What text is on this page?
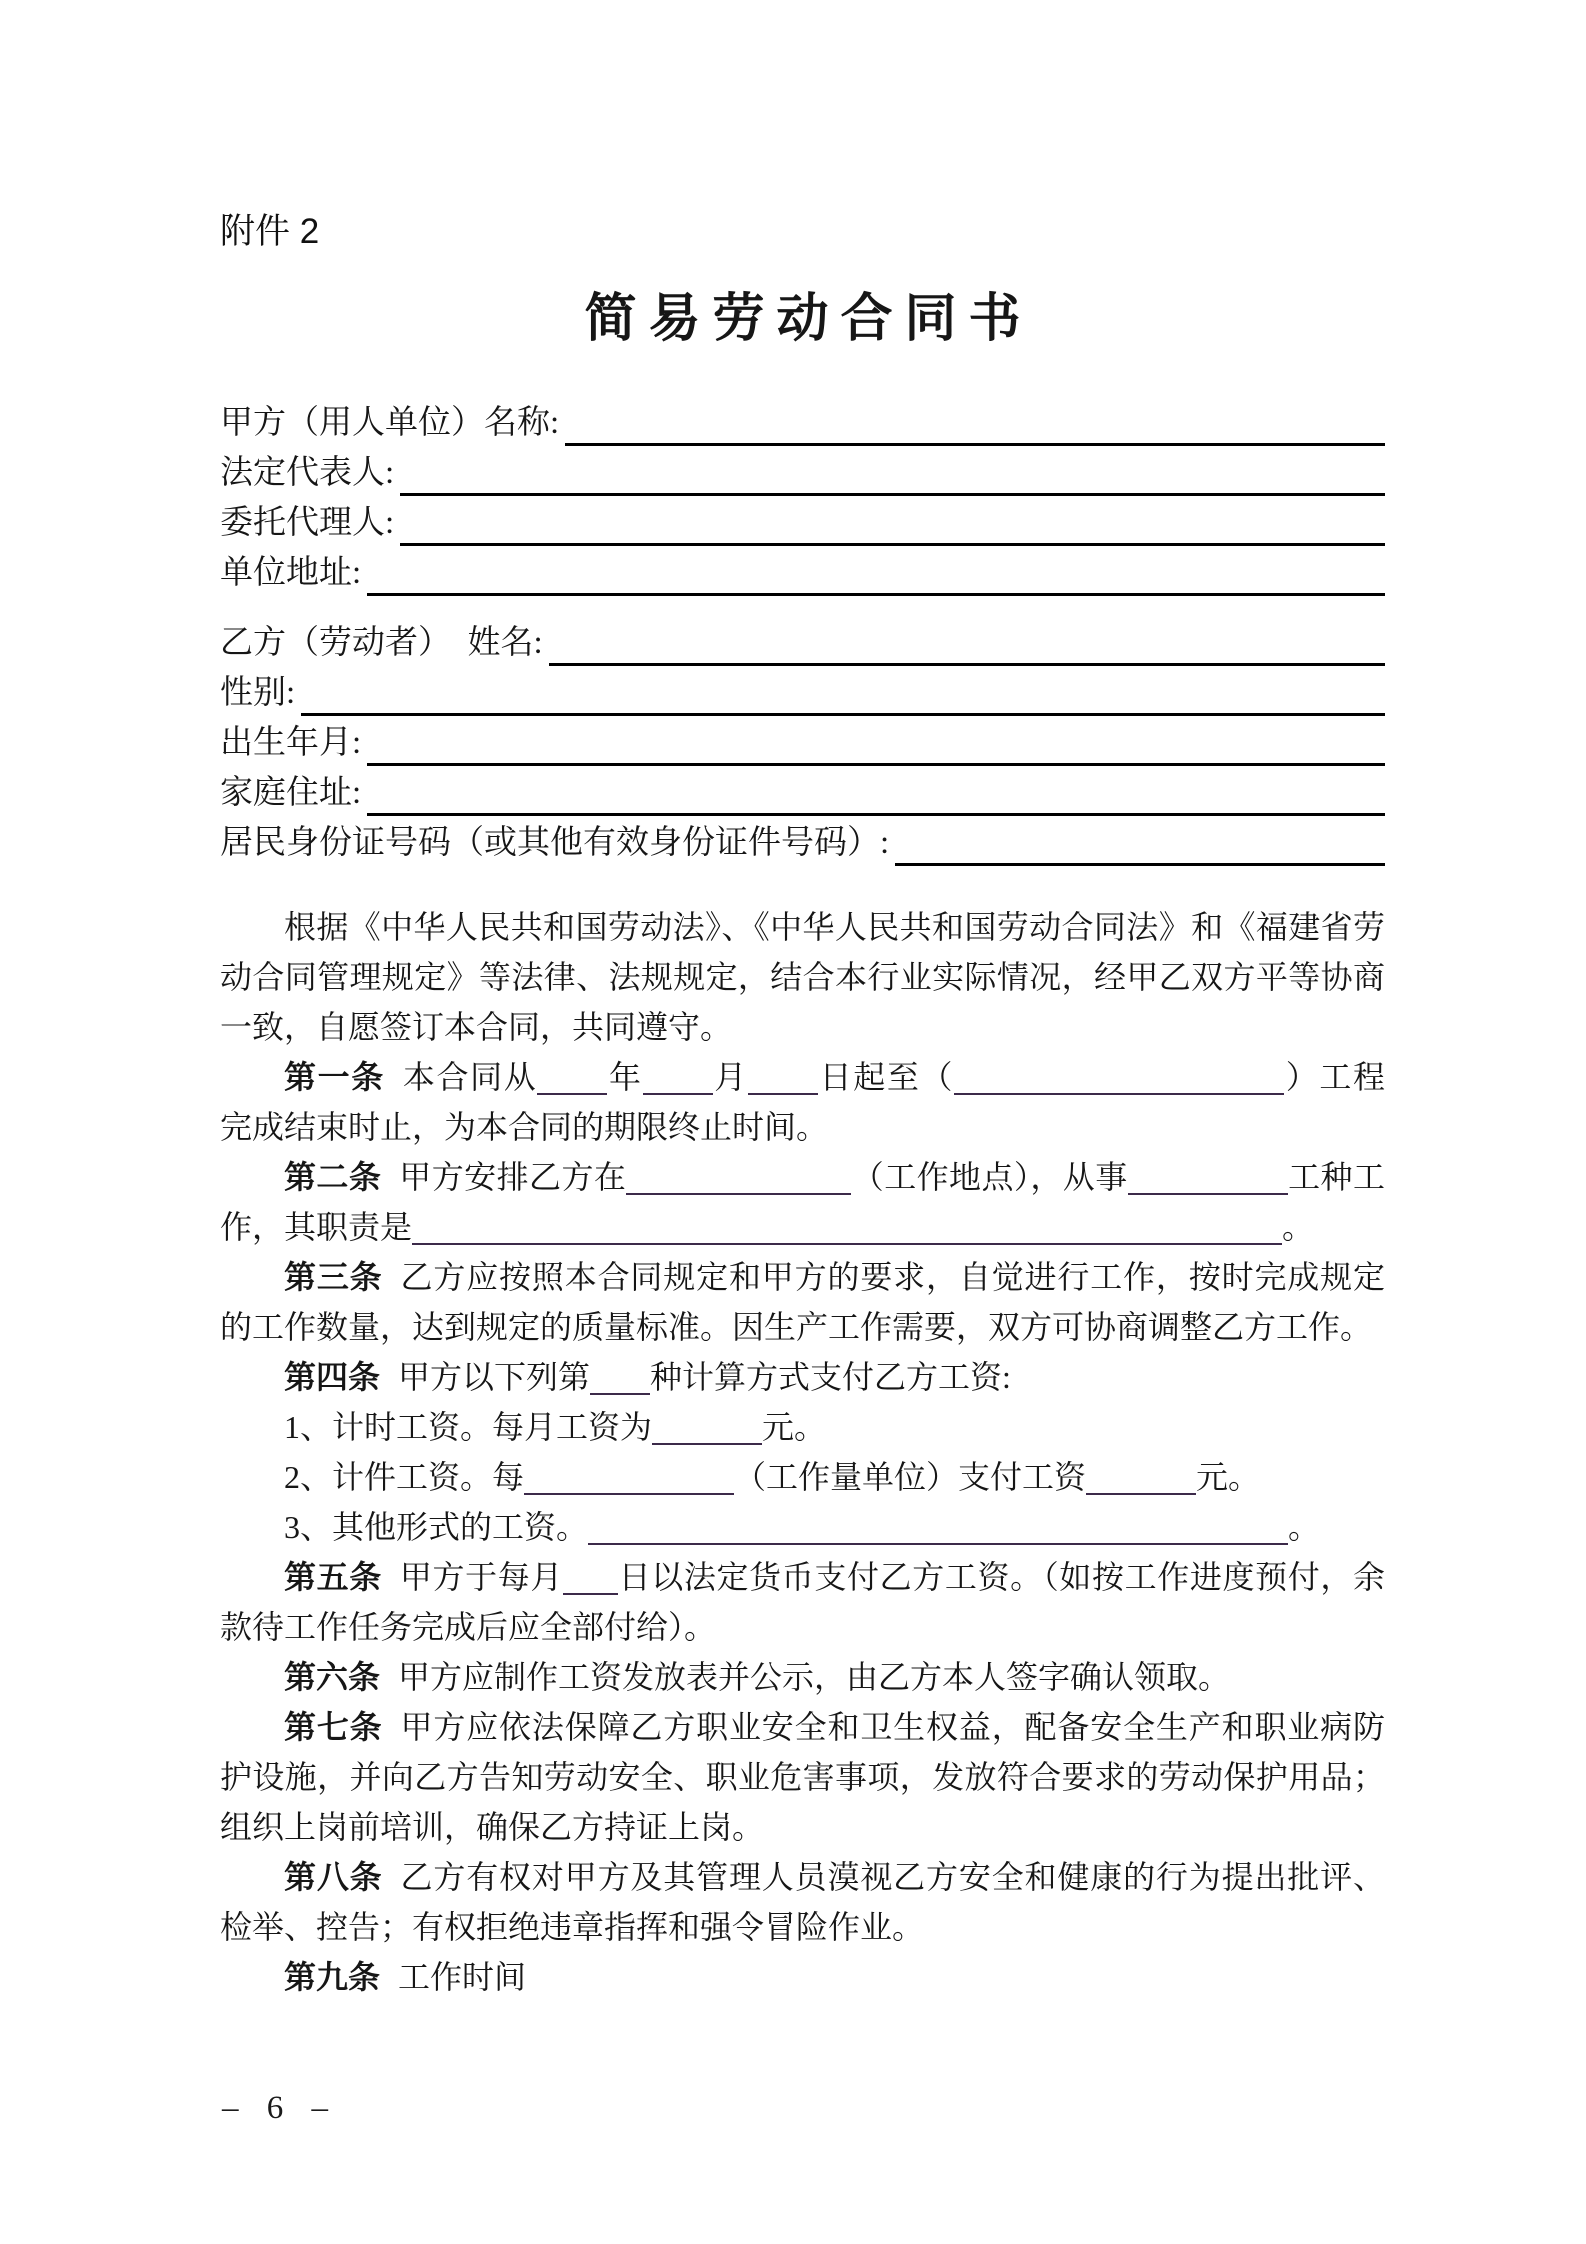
附件 2
简易劳动合同书
甲方（用人单位）名称:
法定代表人:
委托代理人:
单位地址:
乙方（劳动者）　姓名:
性别:
出生年月:
家庭住址:
居民身份证号码（或其他有效身份证件号码）:

根据《中华人民共和国劳动法》、《中华人民共和国劳动合同法》和《福建省劳动合同管理规定》等法律、法规规定，结合本行业实际情况，经甲乙双方平等协商一致，自愿签订本合同，共同遵守。

第一条 本合同从 年 月 日起至（	）工程完成结束时止，为本合同的期限终止时间。

第二条 甲方安排乙方在	（工作地点），从事	工种工作，其职责是	。

第三条 乙方应按照本合同规定和甲方的要求，自觉进行工作，按时完成规定的工作数量，达到规定的质量标准。因生产工作需要，双方可协商调整乙方工作。

第四条 甲方以下列第 种计算方式支付乙方工资:

1、计时工资。每月工资为	元。

2、计件工资。每	（工作量单位）支付工资	元。

3、其他形式的工资。	。

第五条 甲方于每月 日以法定货币支付乙方工资。（如按工作进度预付，余款待工作任务完成后应全部付给）。

第六条 甲方应制作工资发放表并公示，由乙方本人签字确认领取。

第七条 甲方应依法保障乙方职业安全和卫生权益，配备安全生产和职业病防护设施，并向乙方告知劳动安全、职业危害事项，发放符合要求的劳动保护用品；组织上岗前培训，确保乙方持证上岗。

第八条 乙方有权对甲方及其管理人员漠视乙方安全和健康的行为提出批评、检举、控告；有权拒绝违章指挥和强令冒险作业。

第九条 工作时间

– 6 –
